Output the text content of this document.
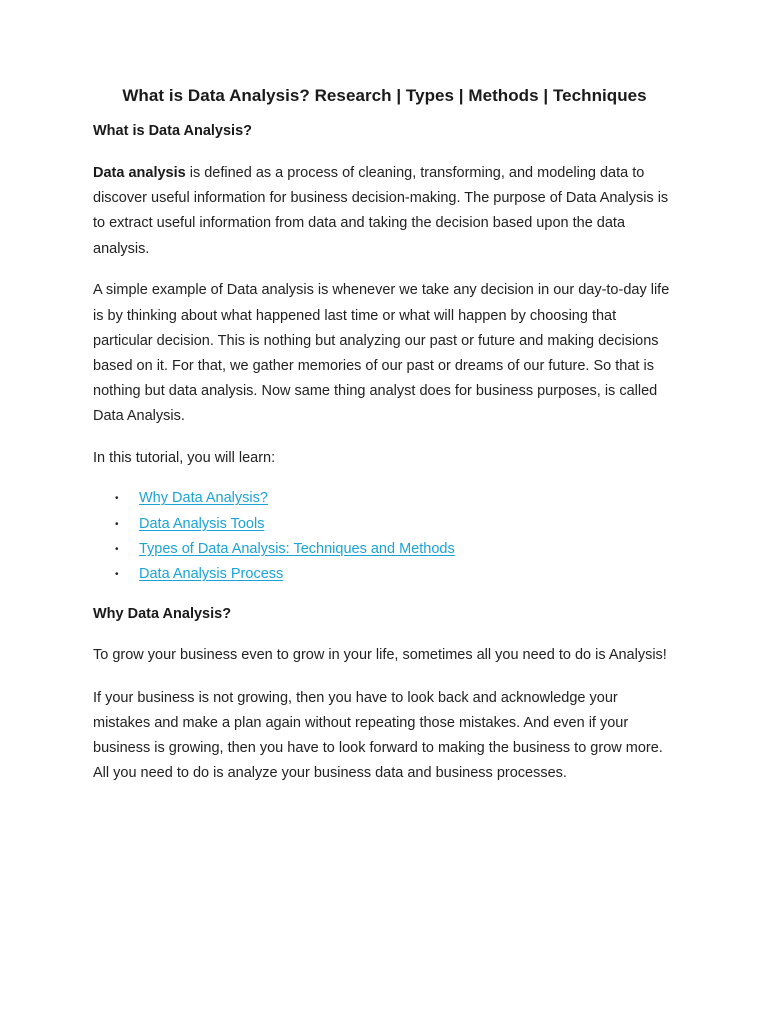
What is Data Analysis? Research | Types | Methods | Techniques
What is Data Analysis?

Data analysis is defined as a process of cleaning, transforming, and modeling data to discover useful information for business decision-making. The purpose of Data Analysis is to extract useful information from data and taking the decision based upon the data analysis.

A simple example of Data analysis is whenever we take any decision in our day-to-day life is by thinking about what happened last time or what will happen by choosing that particular decision. This is nothing but analyzing our past or future and making decisions based on it. For that, we gather memories of our past or dreams of our future. So that is nothing but data analysis. Now same thing analyst does for business purposes, is called Data Analysis.

In this tutorial, you will learn:

• Why Data Analysis?
• Data Analysis Tools
• Types of Data Analysis: Techniques and Methods
• Data Analysis Process
Why Data Analysis?

To grow your business even to grow in your life, sometimes all you need to do is Analysis!

If your business is not growing, then you have to look back and acknowledge your mistakes and make a plan again without repeating those mistakes. And even if your business is growing, then you have to look forward to making the business to grow more. All you need to do is analyze your business data and business processes.
